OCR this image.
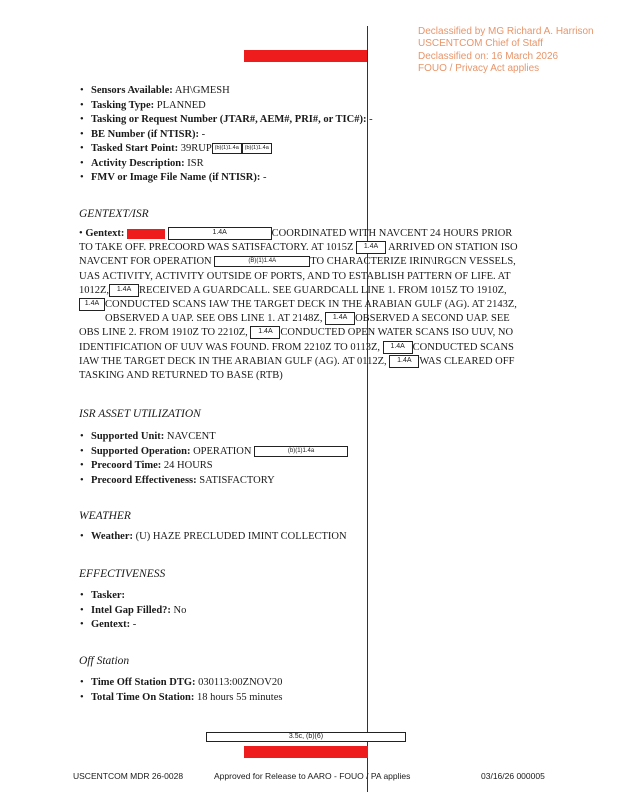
Declassified by MG Richard A. Harrison
USCENTCOM Chief of Staff
Declassified on: 16 March 2026
FOUO / Privacy Act applies
• Sensors Available: AH\GMESH
• Tasking Type: PLANNED
• Tasking or Request Number (JTAR#, AEM#, PRI#, or TIC#): -
• BE Number (if NTISR): -
• Tasked Start Point: 39RUP (b)(1)1.4a (b)(1)1.4a
• Activity Description: ISR
• FMV or Image File Name (if NTISR): -
GENTEXT/ISR
• Gentext:	1.4A	COORDINATED WITH NAVCENT 24 HOURS PRIOR
TO TAKE OFF. PRECOORD WAS SATISFACTORY. AT 1015Z 1.4A ARRIVED ON STATION ISO
NAVCENT FOR OPERATION	(B)(1)1.4A	TO CHARACTERIZE IRIN\IRGCN VESSELS,
UAS ACTIVITY, ACTIVITY OUTSIDE OF PORTS, AND TO ESTABLISH PATTERN OF LIFE. AT
1012Z, 1.4A RECEIVED A GUARDCALL. SEE GUARDCALL LINE 1. FROM 1015Z TO 1910Z,
1.4A CONDUCTED SCANS IAW THE TARGET DECK IN THE ARABIAN GULF (AG). AT 2143Z,
OBSERVED A UAP. SEE OBS LINE 1. AT 2148Z, 1.4A OBSERVED A SECOND UAP. SEE
OBS LINE 2. FROM 1910Z TO 2210Z, 1.4A CONDUCTED OPEN WATER SCANS ISO UUV, NO
IDENTIFICATION OF UUV WAS FOUND. FROM 2210Z TO 0113Z, 1.4A CONDUCTED SCANS
IAW THE TARGET DECK IN THE ARABIAN GULF (AG). AT 0112Z, 1.4A WAS CLEARED OFF
TASKING AND RETURNED TO BASE (RTB)
ISR ASSET UTILIZATION
• Supported Unit: NAVCENT
• Supported Operation: OPERATION	(b)(1)1.4a
• Precoord Time: 24 HOURS
• Precoord Effectiveness: SATISFACTORY
WEATHER
• Weather: (U) HAZE PRECLUDED IMINT COLLECTION
EFFECTIVENESS
• Tasker:
• Intel Gap Filled?: No
• Gentext: -
Off Station
• Time Off Station DTG: 030113:00ZNOV20
• Total Time On Station: 18 hours 55 minutes
3.5c, (b)(6)
USCENTCOM MDR 26-0028	Approved for Release to AARO - FOUO / PA applies	03/16/26 000005
